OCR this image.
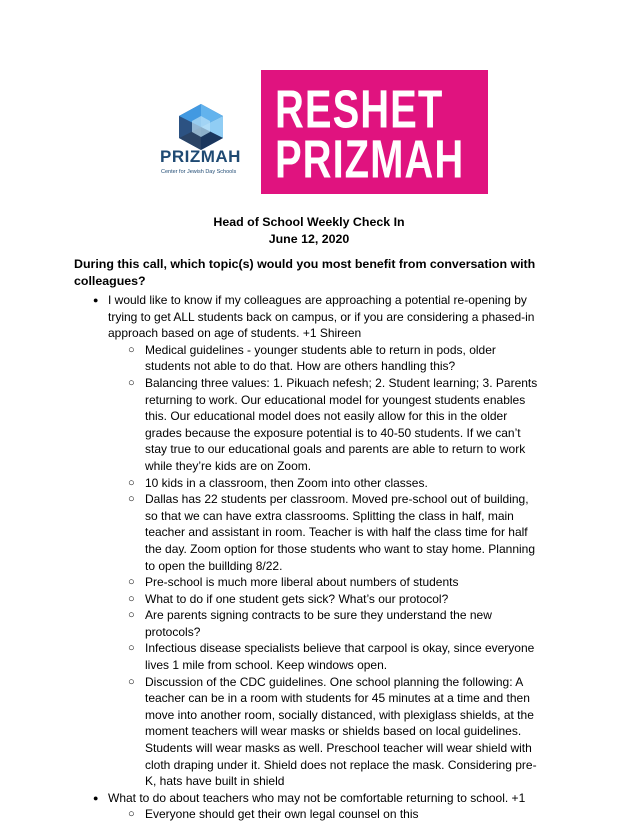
PRIZMAH
Center for Jewish Day Schools
RESHET
PRIZMAH
Head of School Weekly Check In
June 12, 2020
During this call, which topic(s) would you most benefit from conversation with colleagues?
● I would like to know if my colleagues are approaching a potential re-opening by trying to get ALL students back on campus, or if you are considering a phased-in approach based on age of students. +1 Shireen
○ Medical guidelines - younger students able to return in pods, older students not able to do that. How are others handling this?
○ Balancing three values: 1. Pikuach nefesh; 2. Student learning; 3. Parents returning to work. Our educational model for youngest students enables this. Our educational model does not easily allow for this in the older grades because the exposure potential is to 40-50 students. If we can’t stay true to our educational goals and parents are able to return to work while they’re kids are on Zoom.
○ 10 kids in a classroom, then Zoom into other classes.
○ Dallas has 22 students per classroom. Moved pre-school out of building, so that we can have extra classrooms. Splitting the class in half, main teacher and assistant in room. Teacher is with half the class time for half the day. Zoom option for those students who want to stay home. Planning to open the buillding 8/22.
○ Pre-school is much more liberal about numbers of students
○ What to do if one student gets sick? What’s our protocol?
○ Are parents signing contracts to be sure they understand the new protocols?
○ Infectious disease specialists believe that carpool is okay, since everyone lives 1 mile from school. Keep windows open.
○ Discussion of the CDC guidelines. One school planning the following: A teacher can be in a room with students for 45 minutes at a time and then move into another room, socially distanced, with plexiglass shields, at the moment teachers will wear masks or shields based on local guidelines. Students will wear masks as well. Preschool teacher will wear shield with cloth draping under it. Shield does not replace the mask. Considering pre-K, hats have built in shield
● What to do about teachers who may not be comfortable returning to school. +1
○ Everyone should get their own legal counsel on this
